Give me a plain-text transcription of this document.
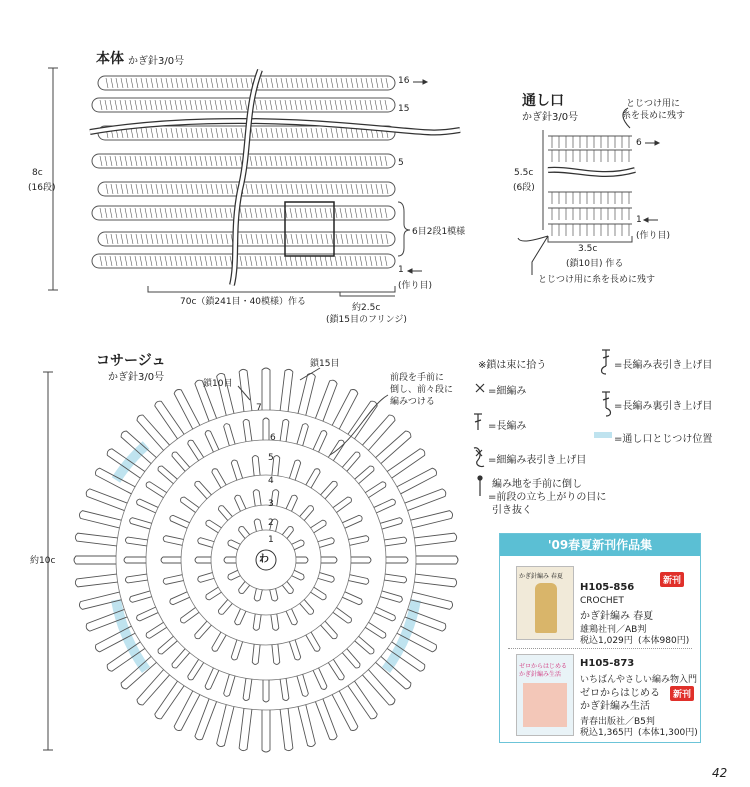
本体 かぎ針3/0号
8c
(16段)
16
15
5
1
(作り目)
6目2段1模様
70c（鎖241目・40模様）作る
約2.5c
(鎖15目のフリンジ)
通し口
かぎ針3/0号
とじつけ用に
糸を長めに残す
5.5c
(6段)
6
1
(作り目)
3.5c
(鎖10目) 作る
とじつけ用に糸を長めに残す
コサージュ
かぎ針3/0号
鎖15目
鎖10目
前段を手前に
倒し、前々段に
編みつける
約10c	わ
7
6
5
4
3
2
1
※鎖は束に拾う
=細編み
=長編み
=細編み表引き上げ目
編み地を手前に倒し
=前段の立ち上がりの目に
引き抜く
=長編み表引き上げ目
=長編み裏引き上げ目
=通し口とじつけ位置
'09春夏新刊作品集
かぎ針編み 春夏
H105-856
新刊
CROCHET
かぎ針編み 春夏
雄鶏社刊／AB判
税込1,029円 (本体980円)
ゼロからはじめる
かぎ針編み生活
H105-873
新刊
いちばんやさしい編み物入門
ゼロからはじめる
かぎ針編み生活
青春出版社／B5判
税込1,365円 (本体1,300円)
42
